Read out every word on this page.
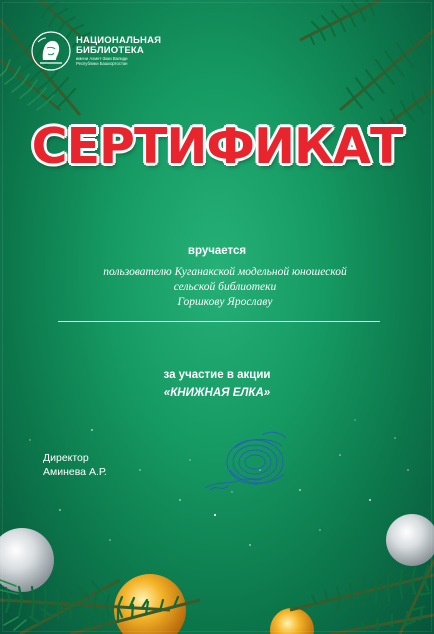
НАЦИОНАЛЬНАЯ
БИБЛИОТЕКА
имени Ахмет-Заки Валиди
Республики Башкортостан
СЕРТИФИКАТ
вручается
пользователю Куганакской модельной юношеской
сельской библиотеки
Горшкову Ярославу
за участие в акции
«КНИЖНАЯ ЕЛКА»
Директор
Аминева А.Р.
